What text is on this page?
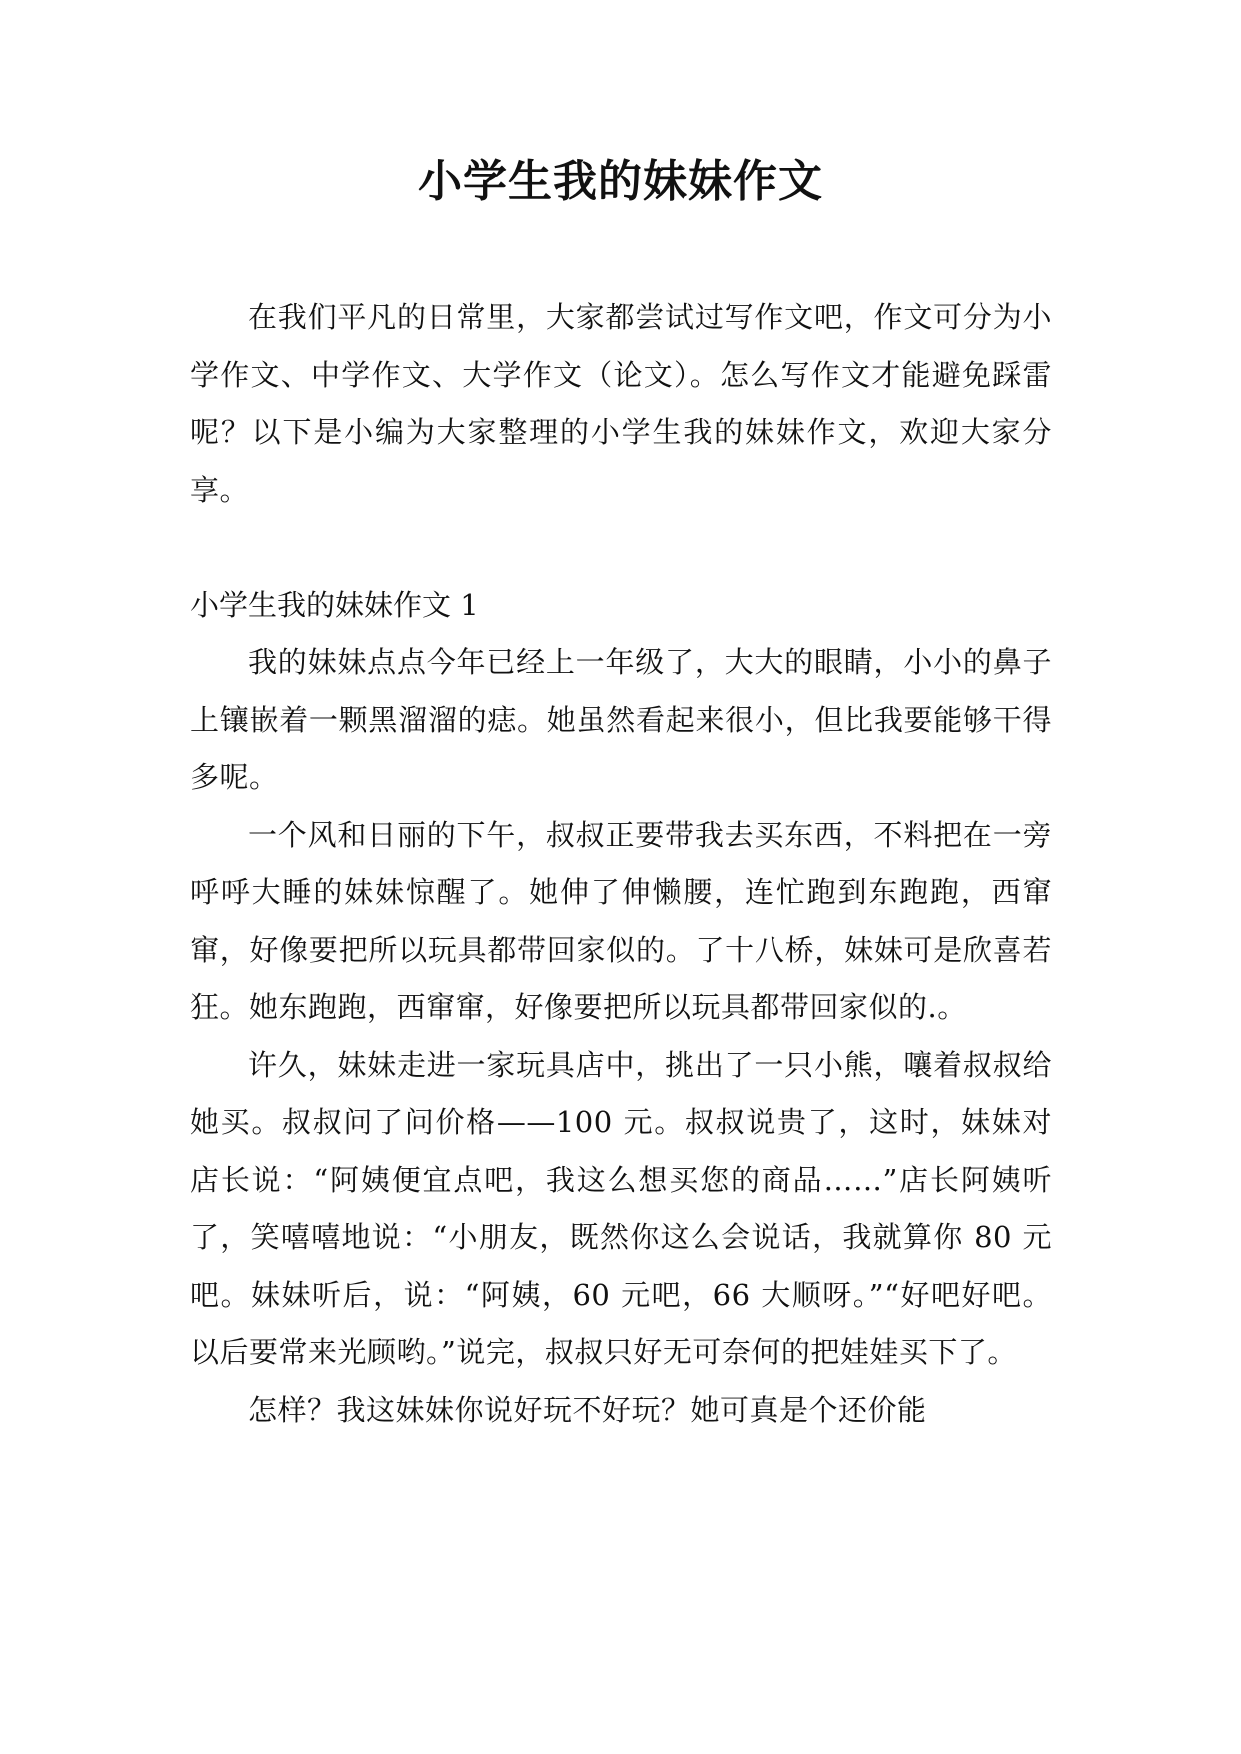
小学生我的妹妹作文

在我们平凡的日常里，大家都尝试过写作文吧，作文可分为小学作文、中学作文、大学作文（论文）。怎么写作文才能避免踩雷呢？以下是小编为大家整理的小学生我的妹妹作文，欢迎大家分享。

小学生我的妹妹作文 1

我的妹妹点点今年已经上一年级了，大大的眼睛，小小的鼻子上镶嵌着一颗黑溜溜的痣。她虽然看起来很小，但比我要能够干得多呢。

一个风和日丽的下午，叔叔正要带我去买东西，不料把在一旁呼呼大睡的妹妹惊醒了。她伸了伸懒腰，连忙跑到东跑跑，西窜窜，好像要把所以玩具都带回家似的。了十八桥，妹妹可是欣喜若狂。她东跑跑，西窜窜，好像要把所以玩具都带回家似的.。

许久，妹妹走进一家玩具店中，挑出了一只小熊，嚷着叔叔给她买。叔叔问了问价格——100 元。叔叔说贵了，这时，妹妹对店长说：“阿姨便宜点吧，我这么想买您的商品……”店长阿姨听了，笑嘻嘻地说：“小朋友，既然你这么会说话，我就算你 80 元吧。妹妹听后，说：“阿姨，60 元吧，66 大顺呀。”“好吧好吧。以后要常来光顾哟。”说完，叔叔只好无可奈何的把娃娃买下了。

怎样？我这妹妹你说好玩不好玩？她可真是个还价能
